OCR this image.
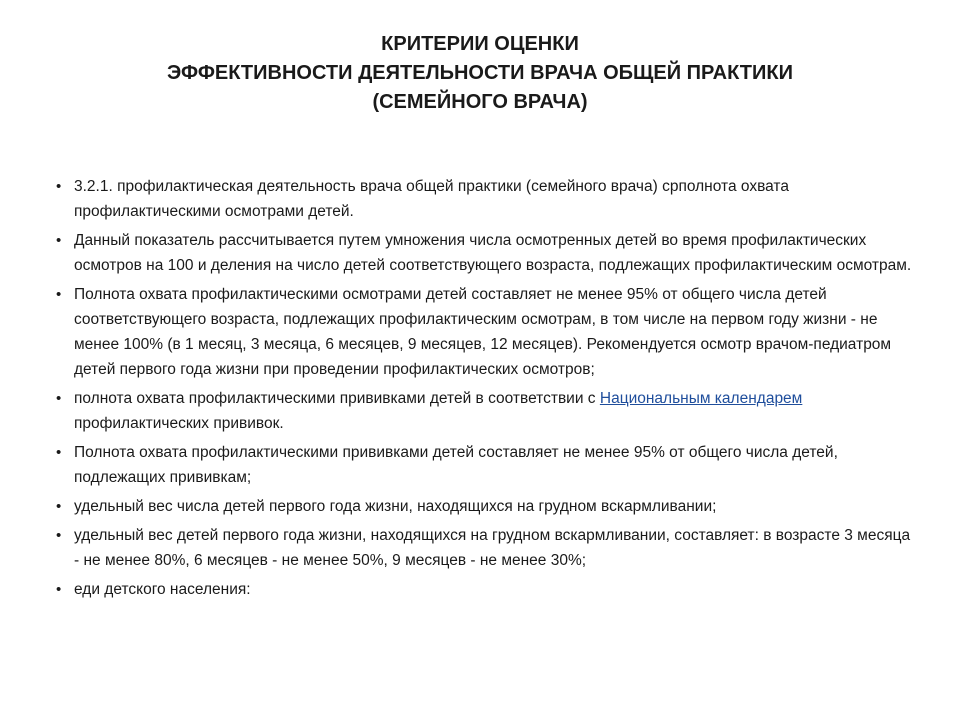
КРИТЕРИИ ОЦЕНКИ
ЭФФЕКТИВНОСТИ ДЕЯТЕЛЬНОСТИ ВРАЧА ОБЩЕЙ ПРАКТИКИ
(СЕМЕЙНОГО ВРАЧА)
• 3.2.1. профилактическая деятельность врача общей практики (семейного врача) срполнота охвата профилактическими осмотрами детей.
• Данный показатель рассчитывается путем умножения числа осмотренных детей во время профилактических осмотров на 100 и деления на число детей соответствующего возраста, подлежащих профилактическим осмотрам.
• Полнота охвата профилактическими осмотрами детей составляет не менее 95% от общего числа детей соответствующего возраста, подлежащих профилактическим осмотрам, в том числе на первом году жизни - не менее 100% (в 1 месяц, 3 месяца, 6 месяцев, 9 месяцев, 12 месяцев). Рекомендуется осмотр врачом-педиатром детей первого года жизни при проведении профилактических осмотров;
• полнота охвата профилактическими прививками детей в соответствии с Национальным календарем профилактических прививок.
• Полнота охвата профилактическими прививками детей составляет не менее 95% от общего числа детей, подлежащих прививкам;
• удельный вес числа детей первого года жизни, находящихся на грудном вскармливании;
• удельный вес детей первого года жизни, находящихся на грудном вскармливании, составляет: в возрасте 3 месяца - не менее 80%, 6 месяцев - не менее 50%, 9 месяцев - не менее 30%;
• еди детского населения:
